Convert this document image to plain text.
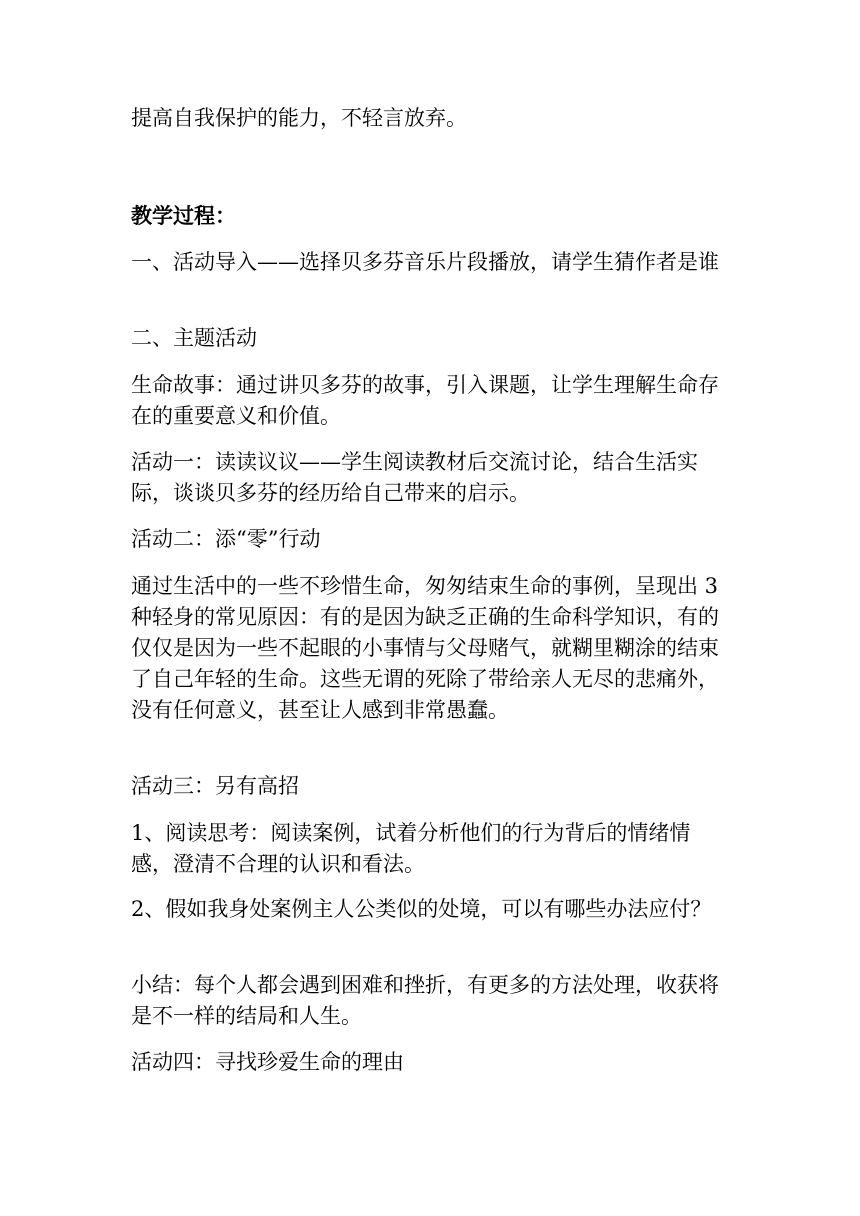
提高自我保护的能力，不轻言放弃。

教学过程：

一、活动导入——选择贝多芬音乐片段播放，请学生猜作者是谁

二、主题活动

生命故事：通过讲贝多芬的故事，引入课题，让学生理解生命存在的重要意义和价值。

活动一：读读议议——学生阅读教材后交流讨论，结合生活实际，谈谈贝多芬的经历给自己带来的启示。

活动二：添“零”行动

通过生活中的一些不珍惜生命，匆匆结束生命的事例，呈现出 3种轻身的常见原因：有的是因为缺乏正确的生命科学知识，有的仅仅是因为一些不起眼的小事情与父母赌气，就糊里糊涂的结束了自己年轻的生命。这些无谓的死除了带给亲人无尽的悲痛外，没有任何意义，甚至让人感到非常愚蠢。

活动三：另有高招

1、阅读思考：阅读案例，试着分析他们的行为背后的情绪情感，澄清不合理的认识和看法。

2、假如我身处案例主人公类似的处境，可以有哪些办法应付？

小结：每个人都会遇到困难和挫折，有更多的方法处理，收获将是不一样的结局和人生。

活动四：寻找珍爱生命的理由
